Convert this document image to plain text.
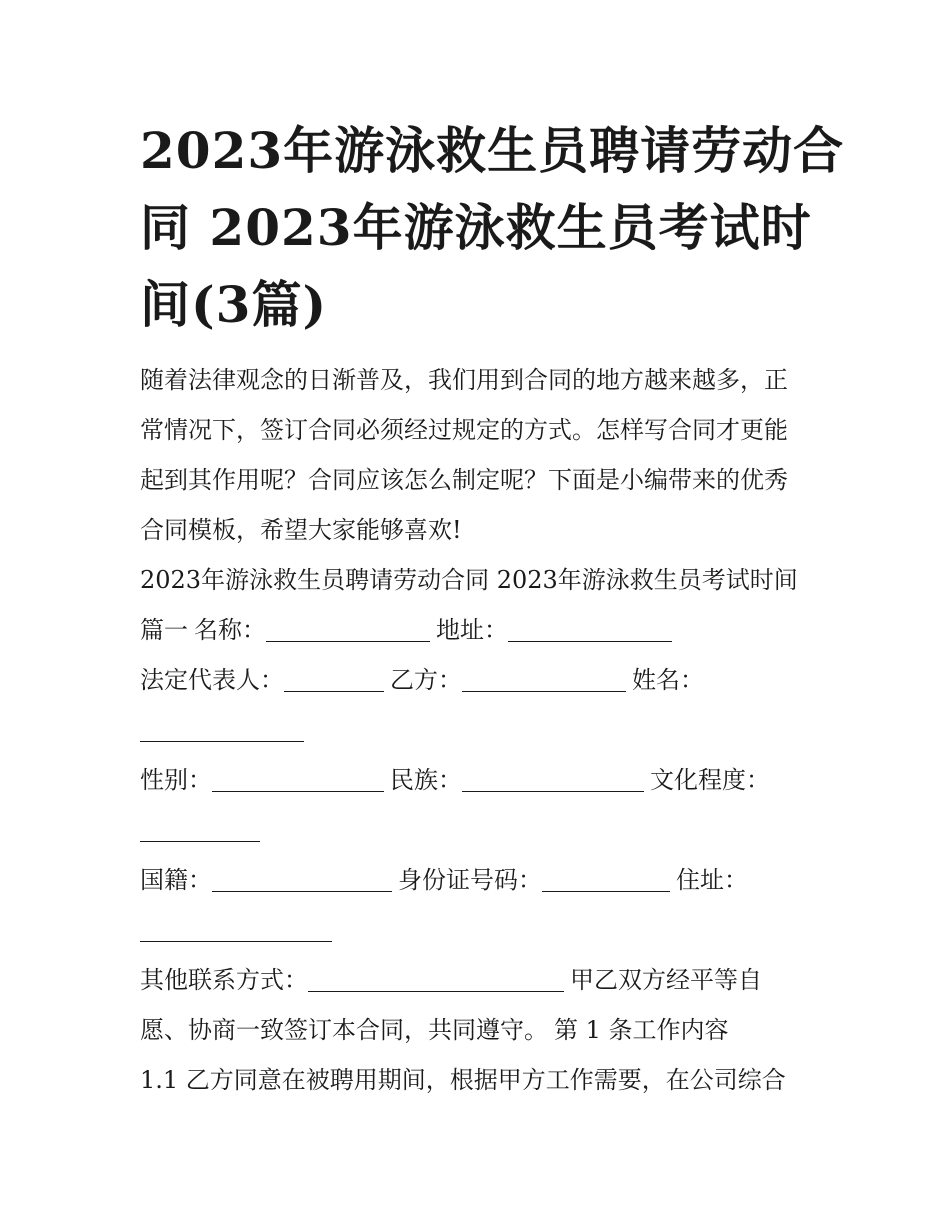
2023年游泳救生员聘请劳动合
同 2023年游泳救生员考试时
间(3篇)
随着法律观念的日渐普及，我们用到合同的地方越来越多，正
常情况下，签订合同必须经过规定的方式。怎样写合同才更能
起到其作用呢？合同应该怎么制定呢？下面是小编带来的优秀
合同模板，希望大家能够喜欢!
2023年游泳救生员聘请劳动合同 2023年游泳救生员考试时间
篇一 名称：	地址：
法定代表人：	乙方：	姓名：
性别：	民族：	文化程度：
国籍：	身份证号码：	住址：
其他联系方式：	甲乙双方经平等自
愿、协商一致签订本合同，共同遵守。 第 1 条工作内容
1.1 乙方同意在被聘用期间，根据甲方工作需要，在公司综合
